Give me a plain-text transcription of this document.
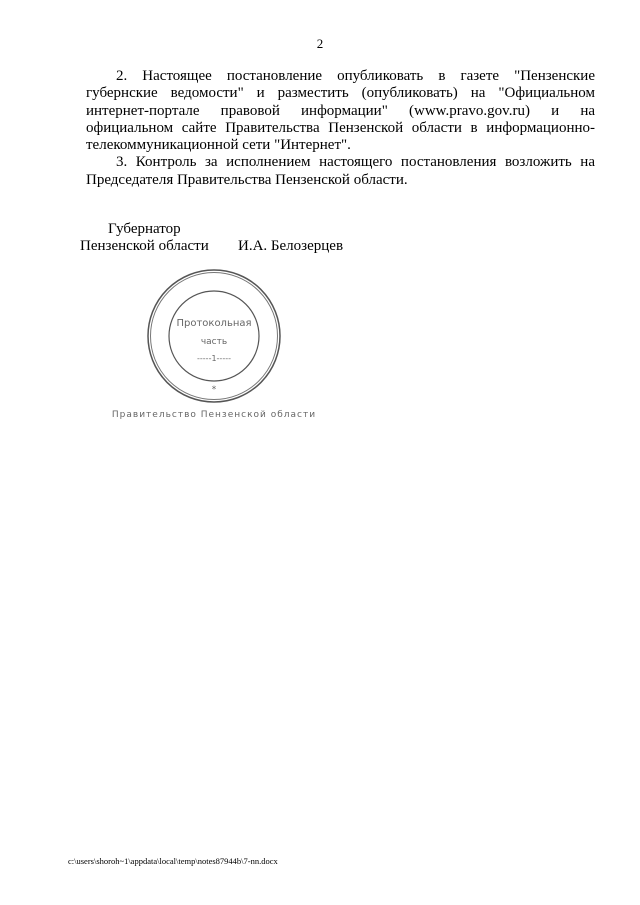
2

2. Настоящее постановление опубликовать в газете "Пензенские губернские ведомости" и разместить (опубликовать) на "Официальном интернет-портале правовой информации" (www.pravo.gov.ru) и на официальном сайте Правительства Пензенской области в информационно-телекоммуникационной сети "Интернет".

3. Контроль за исполнением настоящего постановления возложить на Председателя Правительства Пензенской области.

Губернатор
Пензенской области И.А. Белозерцев
Протокольная
часть
-----1-----
*
Правительство Пензенской области
c:\users\shoroh~1\appdata\local\temp\notes87944b\7-nn.docx
